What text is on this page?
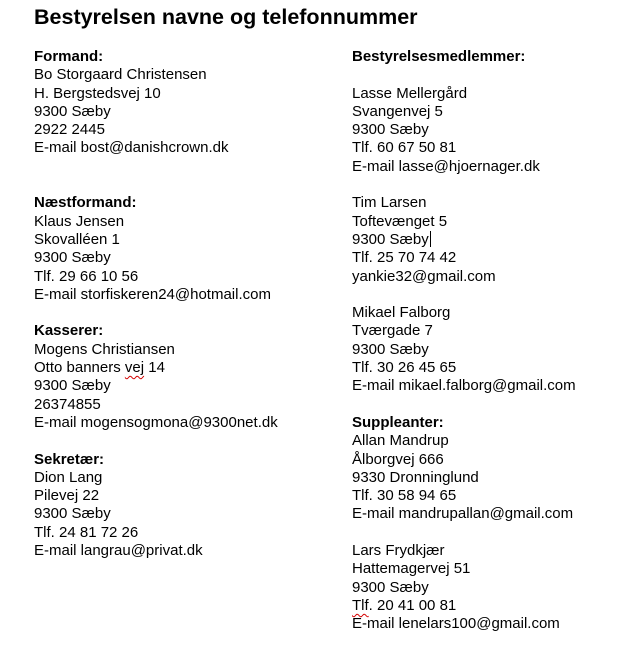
Bestyrelsen navne og telefonnummer
Formand:
Bo Storgaard Christensen
H. Bergstedsvej 10
9300 Sæby
2922 2445
E-mail bost@danishcrown.dk
Næstformand:
Klaus Jensen
Skovalléen 1
9300 Sæby
Tlf. 29 66 10 56
E-mail storfiskeren24@hotmail.com
Kasserer:
Mogens Christiansen
Otto banners vej 14
9300 Sæby
26374855
E-mail mogensogmona@9300net.dk
Sekretær:
Dion Lang
Pilevej 22
9300 Sæby
Tlf. 24 81 72 26
E-mail langrau@privat.dk
Bestyrelsesmedlemmer:
Lasse Mellergård
Svangenvej 5
9300 Sæby
Tlf. 60 67 50 81
E-mail lasse@hjoernager.dk
Tim Larsen
Toftevænget 5
9300 Sæby
Tlf. 25 70 74 42
yankie32@gmail.com
Mikael Falborg
Tværgade 7
9300 Sæby
Tlf. 30 26 45 65
E-mail mikael.falborg@gmail.com
Suppleanter:
Allan Mandrup
Ålborgvej 666
9330 Dronninglund
Tlf. 30 58 94 65
E-mail mandrupallan@gmail.com
Lars Frydkjær
Hattemagervej 51
9300 Sæby
Tlf. 20 41 00 81
E-mail lenelars100@gmail.com
